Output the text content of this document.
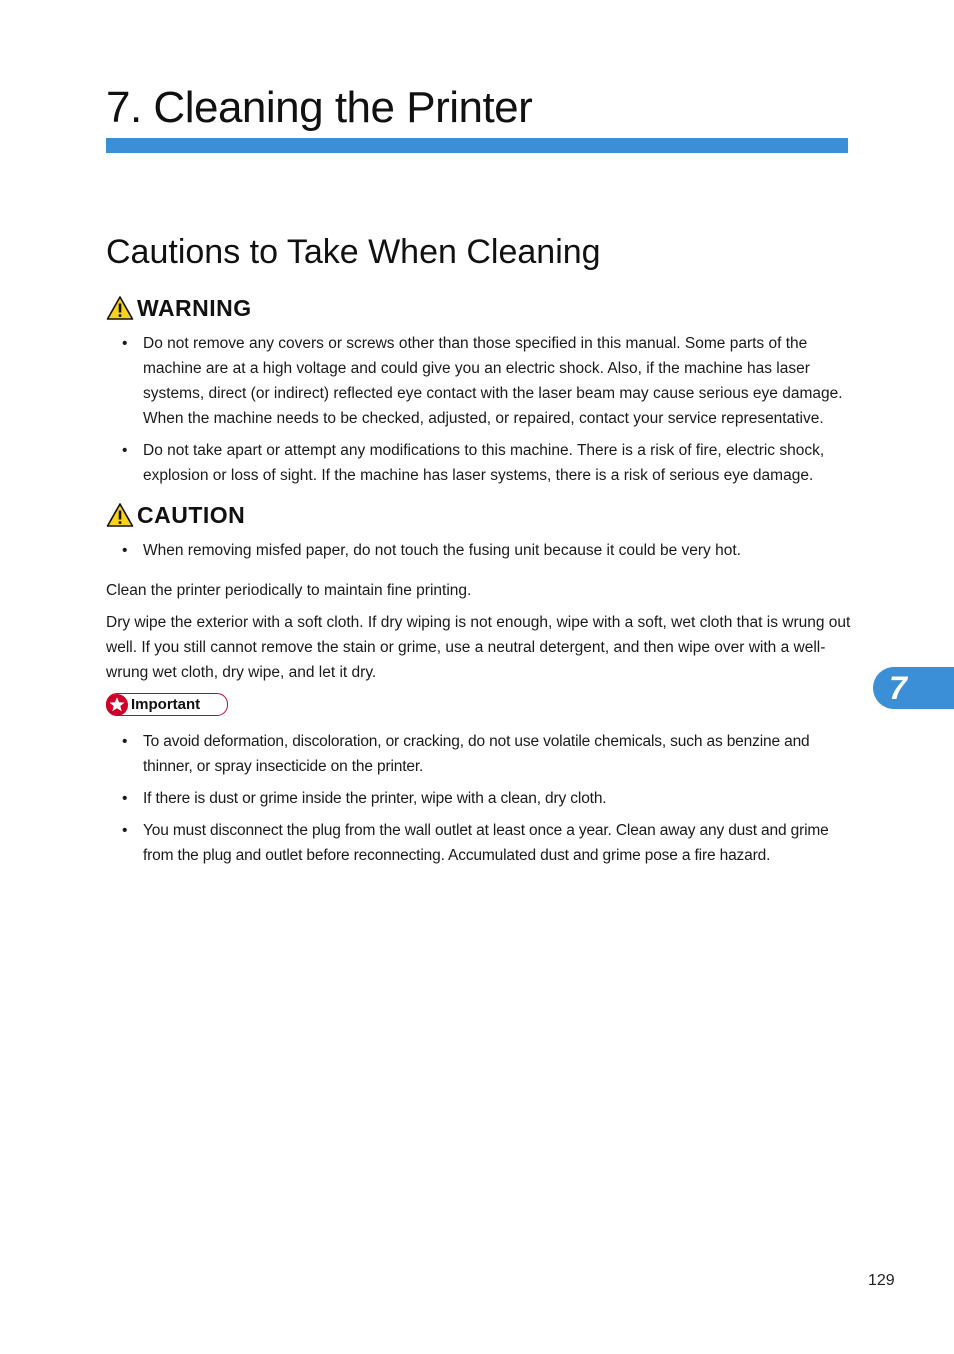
7. Cleaning the Printer
Cautions to Take When Cleaning
WARNING
• Do not remove any covers or screws other than those specified in this manual. Some parts of the machine are at a high voltage and could give you an electric shock. Also, if the machine has laser systems, direct (or indirect) reflected eye contact with the laser beam may cause serious eye damage. When the machine needs to be checked, adjusted, or repaired, contact your service representative.
• Do not take apart or attempt any modifications to this machine. There is a risk of fire, electric shock, explosion or loss of sight. If the machine has laser systems, there is a risk of serious eye damage.
CAUTION
• When removing misfed paper, do not touch the fusing unit because it could be very hot.

Clean the printer periodically to maintain fine printing.

Dry wipe the exterior with a soft cloth. If dry wiping is not enough, wipe with a soft, wet cloth that is wrung out well. If you still cannot remove the stain or grime, use a neutral detergent, and then wipe over with a well-wrung wet cloth, dry wipe, and let it dry.

Important
• To avoid deformation, discoloration, or cracking, do not use volatile chemicals, such as benzine and thinner, or spray insecticide on the printer.
• If there is dust or grime inside the printer, wipe with a clean, dry cloth.
• You must disconnect the plug from the wall outlet at least once a year. Clean away any dust and grime from the plug and outlet before reconnecting. Accumulated dust and grime pose a fire hazard.
7
129
